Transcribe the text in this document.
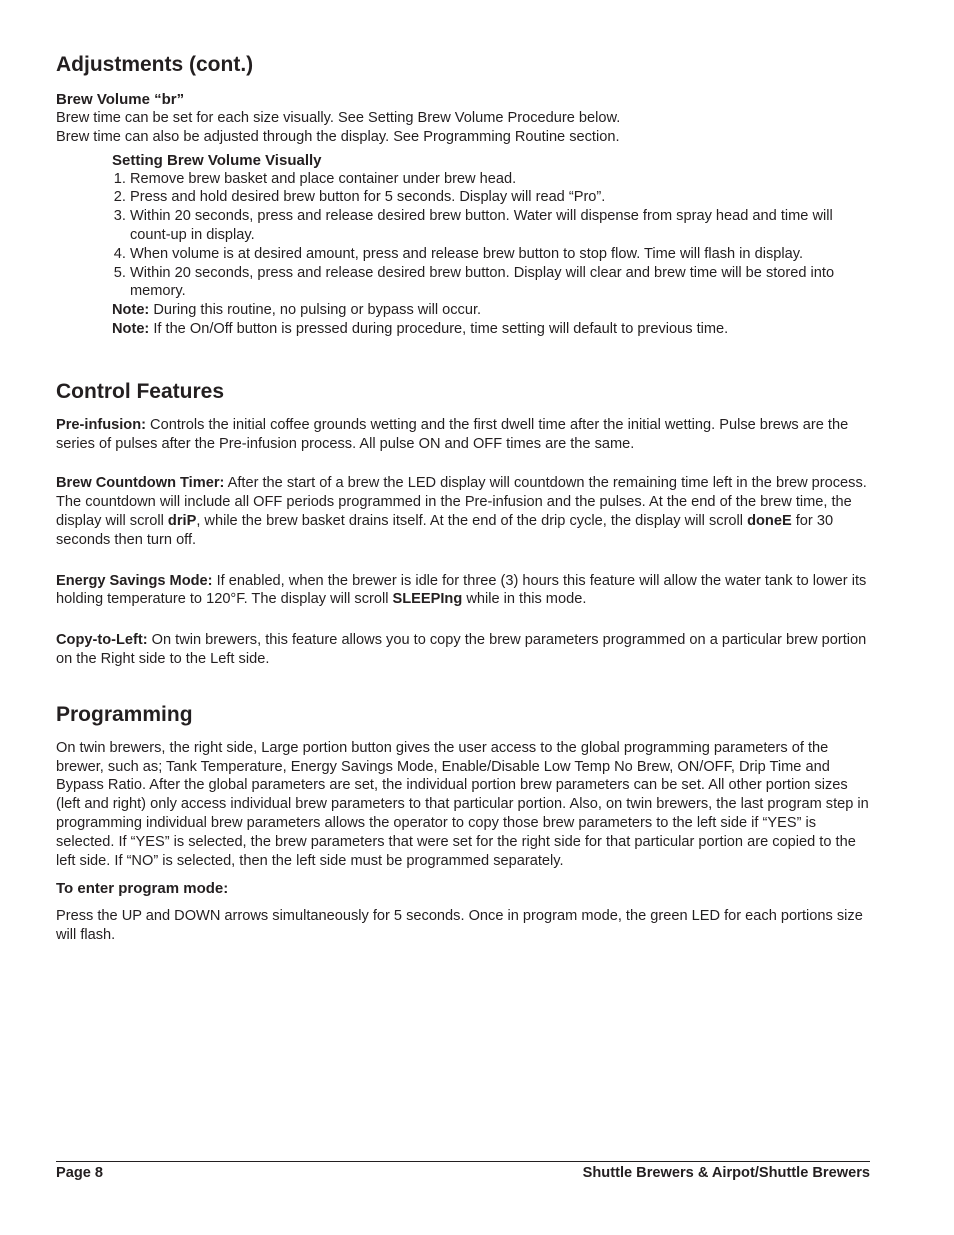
Adjustments (cont.)
Brew Volume “br”

Brew time can be set for each size visually. See Setting Brew Volume Procedure below.

Brew time can also be adjusted through the display. See Programming Routine section.

Setting Brew Volume Visually
1. Remove brew basket and place container under brew head.
2. Press and hold desired brew button for 5 seconds. Display will read “Pro”.
3. Within 20 seconds, press and release desired brew button. Water will dispense from spray head and time will count-up in display.
4. When volume is at desired amount, press and release brew button to stop flow. Time will flash in display.
5. Within 20 seconds, press and release desired brew button. Display will clear and brew time will be stored into memory.

Note: During this routine, no pulsing or bypass will occur.

Note: If the On/Off button is pressed during procedure, time setting will default to previous time.

Control Features

Pre-infusion: Controls the initial coffee grounds wetting and the first dwell time after the initial wetting. Pulse brews are the series of pulses after the Pre-infusion process. All pulse ON and OFF times are the same.

Brew Countdown Timer: After the start of a brew the LED display will countdown the remaining time left in the brew process. The countdown will include all OFF periods programmed in the Pre-infusion and the pulses. At the end of the brew time, the display will scroll driP, while the brew basket drains itself. At the end of the drip cycle, the display will scroll doneE for 30 seconds then turn off.

Energy Savings Mode: If enabled, when the brewer is idle for three (3) hours this feature will allow the water tank to lower its holding temperature to 120°F. The display will scroll SLEEPIng while in this mode.

Copy-to-Left: On twin brewers, this feature allows you to copy the brew parameters programmed on a particular brew portion on the Right side to the Left side.

Programming

On twin brewers, the right side, Large portion button gives the user access to the global programming parameters of the brewer, such as; Tank Temperature, Energy Savings Mode, Enable/Disable Low Temp No Brew, ON/OFF, Drip Time and Bypass Ratio. After the global parameters are set, the individual portion brew parameters can be set. All other portion sizes (left and right) only access individual brew parameters to that particular portion. Also, on twin brewers, the last program step in programming individual brew parameters allows the operator to copy those brew parameters to the left side if “YES” is selected. If “YES” is selected, the brew parameters that were set for the right side for that particular portion are copied to the left side. If “NO” is selected, then the left side must be programmed separately.

To enter program mode:

Press the UP and DOWN arrows simultaneously for 5 seconds. Once in program mode, the green LED for each portions size will flash.

Page 8	Shuttle Brewers & Airpot/Shuttle Brewers
